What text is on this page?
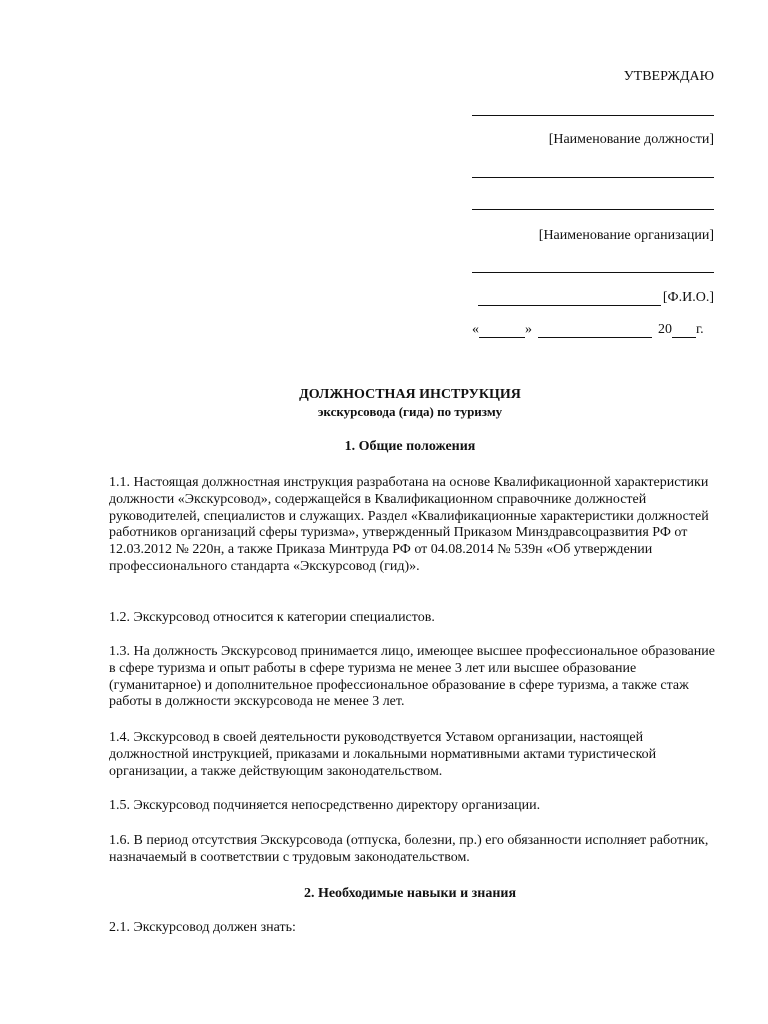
УТВЕРЖДАЮ
[Наименование должности]
[Наименование организации]
[Ф.И.О.]
«	»	20 г.
ДОЛЖНОСТНАЯ ИНСТРУКЦИЯ
экскурсовода (гида) по туризму
1. Общие положения
1.1. Настоящая должностная инструкция разработана на основе Квалификационной характеристики должности «Экскурсовод», содержащейся в Квалификационном справочнике должностей руководителей, специалистов и служащих. Раздел «Квалификационные характеристики должностей работников организаций сферы туризма», утвержденный Приказом Минздравсоцразвития РФ от 12.03.2012 № 220н, а также Приказа Минтруда РФ от 04.08.2014 № 539н «Об утверждении профессионального стандарта «Экскурсовод (гид)».
1.2. Экскурсовод относится к категории специалистов.
1.3. На должность Экскурсовод принимается лицо, имеющее высшее профессиональное образование в сфере туризма и опыт работы в сфере туризма не менее 3 лет или высшее образование (гуманитарное) и дополнительное профессиональное образование в сфере туризма, а также стаж работы в должности экскурсовода не менее 3 лет.
1.4. Экскурсовод в своей деятельности руководствуется Уставом организации, настоящей должностной инструкцией, приказами и локальными нормативными актами туристической организации, а также действующим законодательством.
1.5. Экскурсовод подчиняется непосредственно директору организации.
1.6. В период отсутствия Экскурсовода (отпуска, болезни, пр.) его обязанности исполняет работник, назначаемый в соответствии с трудовым законодательством.
2. Необходимые навыки и знания
2.1. Экскурсовод должен знать:
